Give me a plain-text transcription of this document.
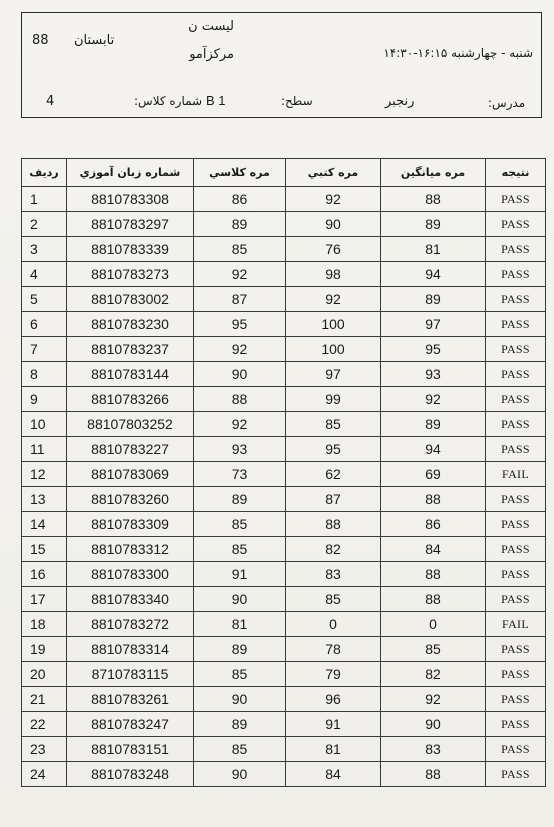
لیست ن
مرکزآمو
88 تابستان
شنبه - چهارشنبه ۱۶:۱۵-۱۴:۳۰
4	شماره کلاس: B 1	سطح:	رنجبر	مدرس:
ردیف	شماره زبان آموزي	مره کلاسي	مره كتبي	مره ميانگين	نتيجه
1	8810783308	86	92	88	PASS
2	8810783297	89	90	89	PASS
3	8810783339	85	76	81	PASS
4	8810783273	92	98	94	PASS
5	8810783002	87	92	89	PASS
6	8810783230	95	100	97	PASS
7	8810783237	92	100	95	PASS
8	8810783144	90	97	93	PASS
9	8810783266	88	99	92	PASS
10	88107803252	92	85	89	PASS
11	8810783227	93	95	94	PASS
12	8810783069	73	62	69	FAIL
13	8810783260	89	87	88	PASS
14	8810783309	85	88	86	PASS
15	8810783312	85	82	84	PASS
16	8810783300	91	83	88	PASS
17	8810783340	90	85	88	PASS
18	8810783272	81	0	0	FAIL
19	8810783314	89	78	85	PASS
20	8710783115	85	79	82	PASS
21	8810783261	90	96	92	PASS
22	8810783247	89	91	90	PASS
23	8810783151	85	81	83	PASS
24	8810783248	90	84	88	PASS
